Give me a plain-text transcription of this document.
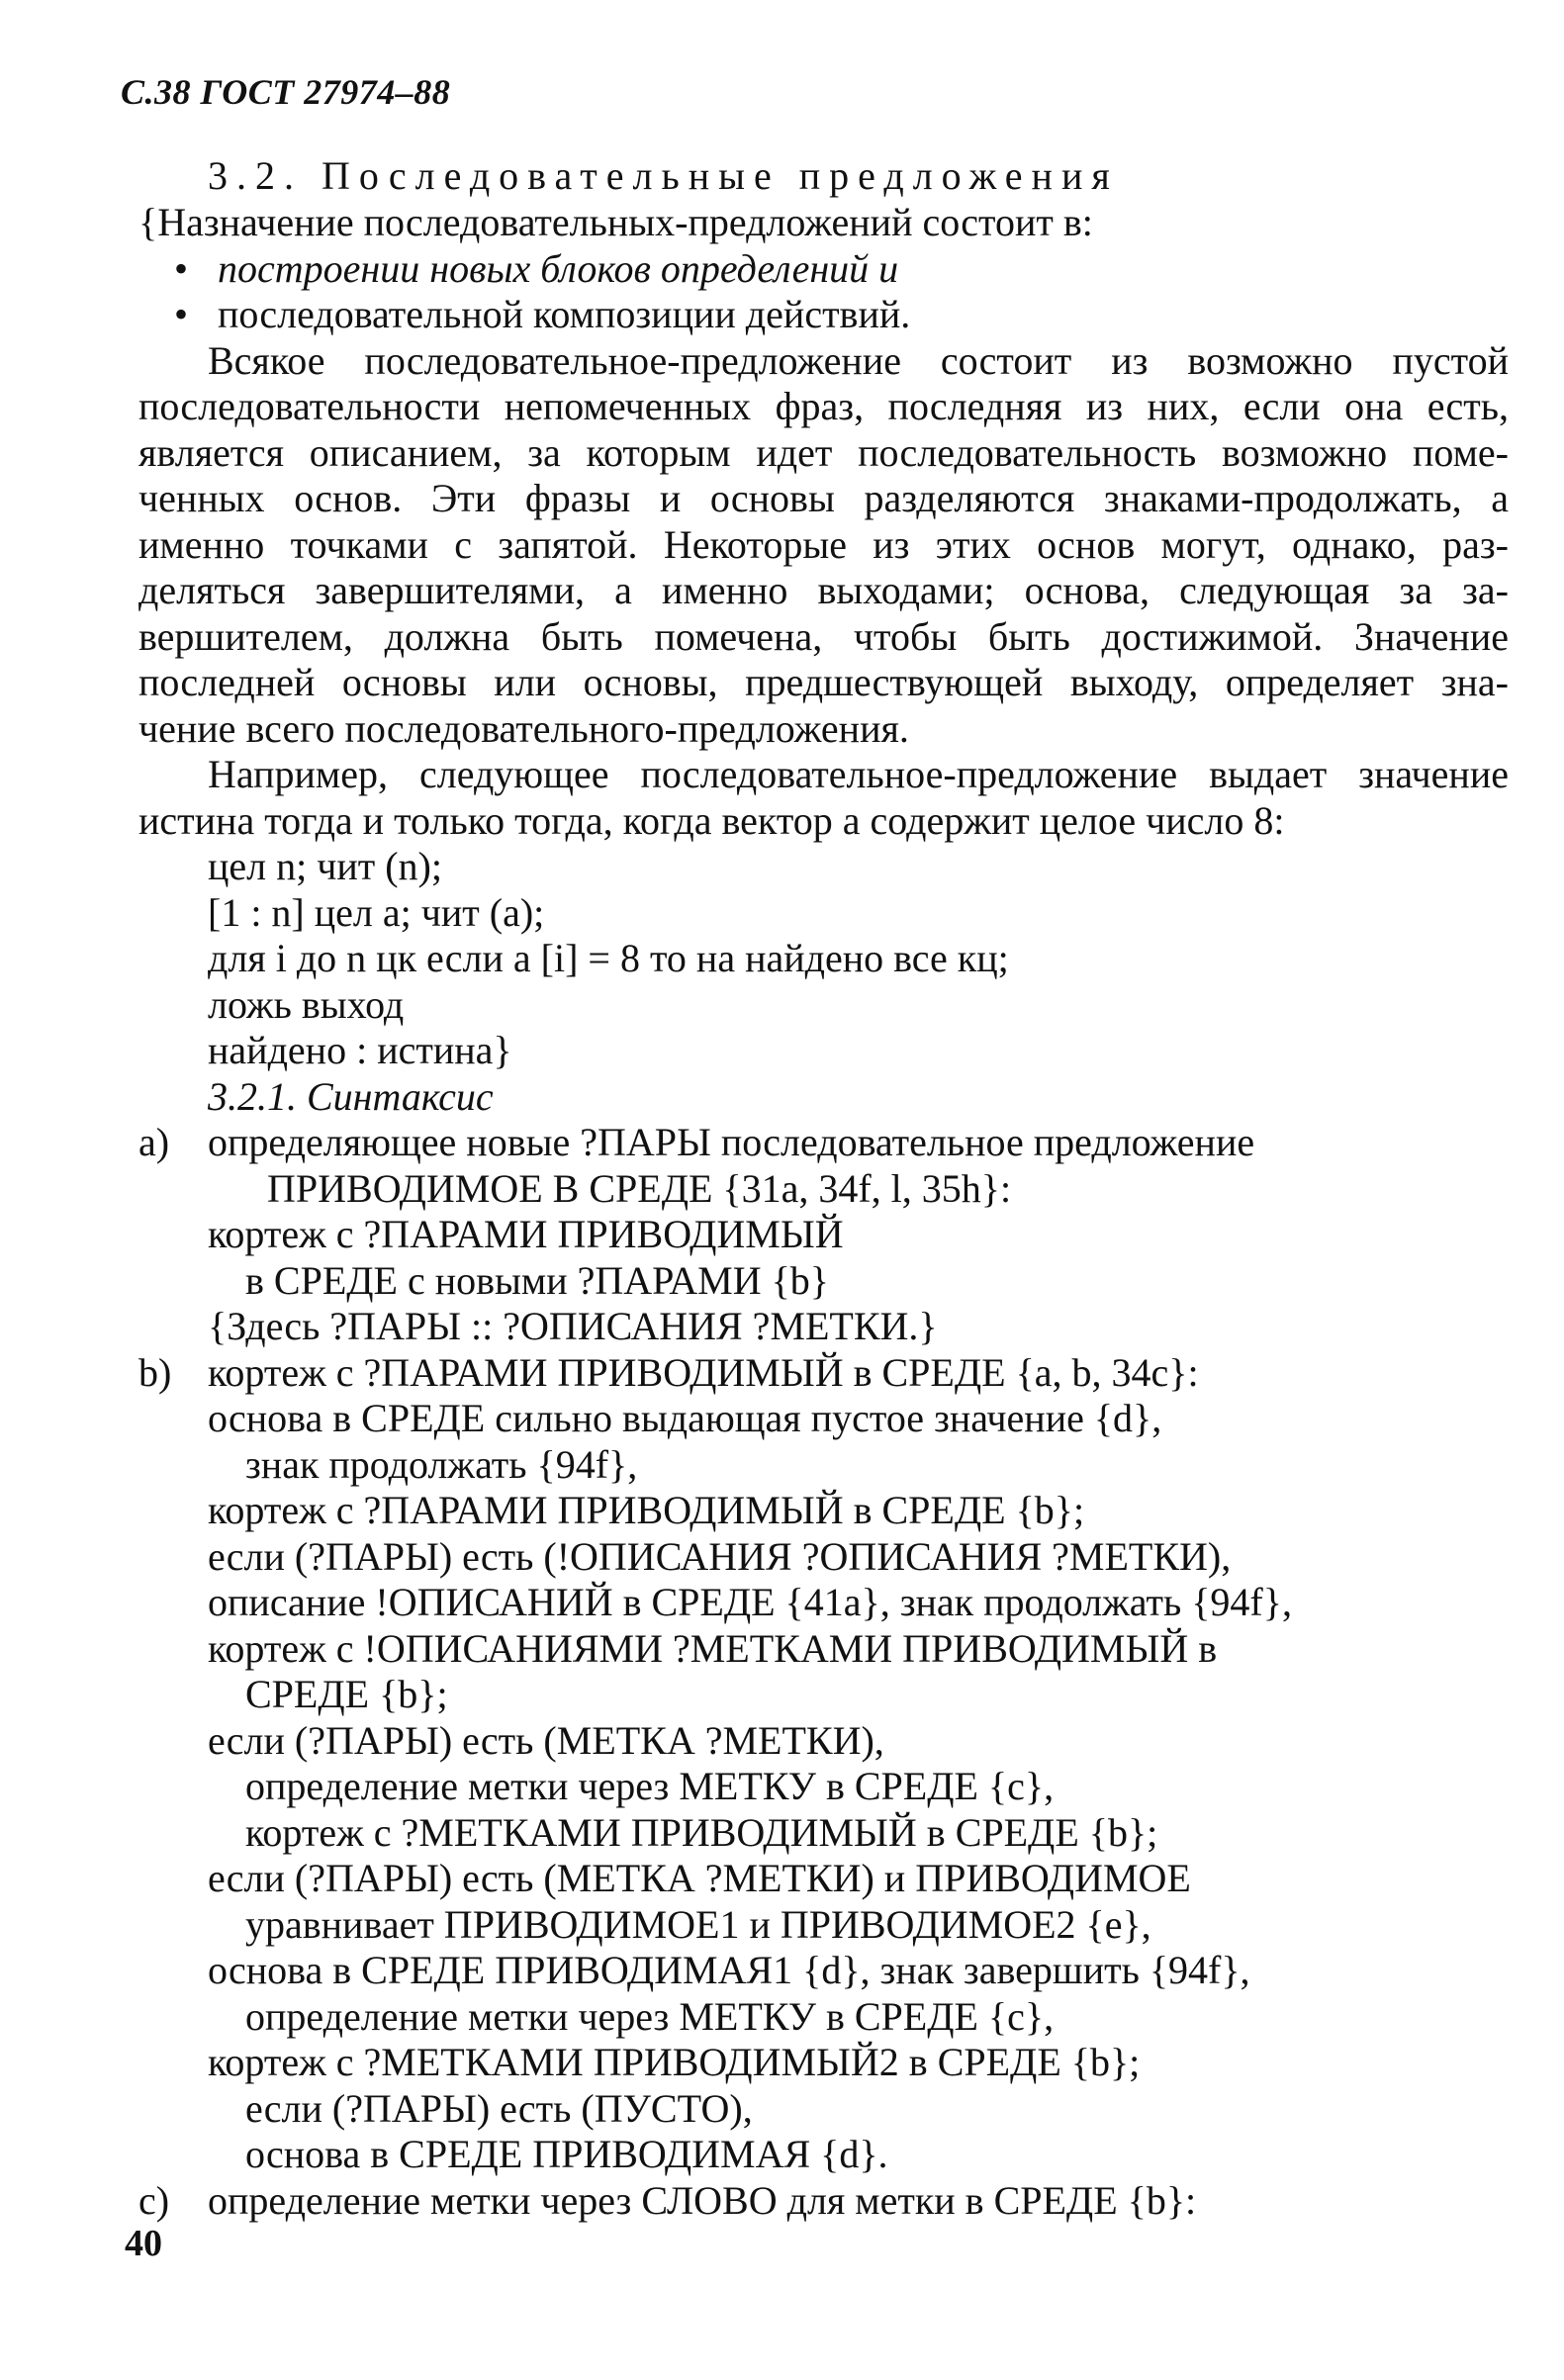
С.38 ГОСТ 27974–88
3.2. Последовательные предложения
{Назначение последовательных-предложений состоит в:
• построении новых блоков определений и
• последовательной композиции действий.
Всякое последовательное-предложение состоит из возможно пустой
последовательности непомеченных фраз, последняя из них, если она есть,
является описанием, за которым идет последовательность возможно поме-
ченных основ. Эти фразы и основы разделяются знаками-продолжать, а
именно точками с запятой. Некоторые из этих основ могут, однако, раз-
деляться завершителями, а именно выходами; основа, следующая за за-
вершителем, должна быть помечена, чтобы быть достижимой. Значение
последней основы или основы, предшествующей выходу, определяет зна-
чение всего последовательного-предложения.
Например, следующее последовательное-предложение выдает значение
истина тогда и только тогда, когда вектор а содержит целое число 8:
цел n; чит (n);
[1 : n] цел a; чит (a);
для i до n цк если a [i] = 8 то на найдено все кц;
ложь выход
найдено : истина}
3.2.1. Синтаксис
a) определяющее новые ?ПАРЫ последовательное предложение
ПРИВОДИМОЕ В СРЕДЕ {31a, 34f, l, 35h}:
кортеж с ?ПАРАМИ ПРИВОДИМЫЙ
в СРЕДЕ с новыми ?ПАРАМИ {b}
{Здесь ?ПАРЫ :: ?ОПИСАНИЯ ?МЕТКИ.}
b) кортеж с ?ПАРАМИ ПРИВОДИМЫЙ в СРЕДЕ {a, b, 34c}:
основа в СРЕДЕ сильно выдающая пустое значение {d},
знак продолжать {94f},
кортеж с ?ПАРАМИ ПРИВОДИМЫЙ в СРЕДЕ {b};
если (?ПАРЫ) есть (!ОПИСАНИЯ ?ОПИСАНИЯ ?МЕТКИ),
описание !ОПИСАНИЙ в СРЕДЕ {41a}, знак продолжать {94f},
кортеж с !ОПИСАНИЯМИ ?МЕТКАМИ ПРИВОДИМЫЙ в
СРЕДЕ {b};
если (?ПАРЫ) есть (МЕТКА ?МЕТКИ),
определение метки через МЕТКУ в СРЕДЕ {c},
кортеж с ?МЕТКАМИ ПРИВОДИМЫЙ в СРЕДЕ {b};
если (?ПАРЫ) есть (МЕТКА ?МЕТКИ) и ПРИВОДИМОЕ
уравнивает ПРИВОДИМОЕ1 и ПРИВОДИМОЕ2 {e},
основа в СРЕДЕ ПРИВОДИМАЯ1 {d}, знак завершить {94f},
определение метки через МЕТКУ в СРЕДЕ {c},
кортеж с ?МЕТКАМИ ПРИВОДИМЫЙ2 в СРЕДЕ {b};
если (?ПАРЫ) есть (ПУСТО),
основа в СРЕДЕ ПРИВОДИМАЯ {d}.
c) определение метки через СЛОВО для метки в СРЕДЕ {b}:
40
